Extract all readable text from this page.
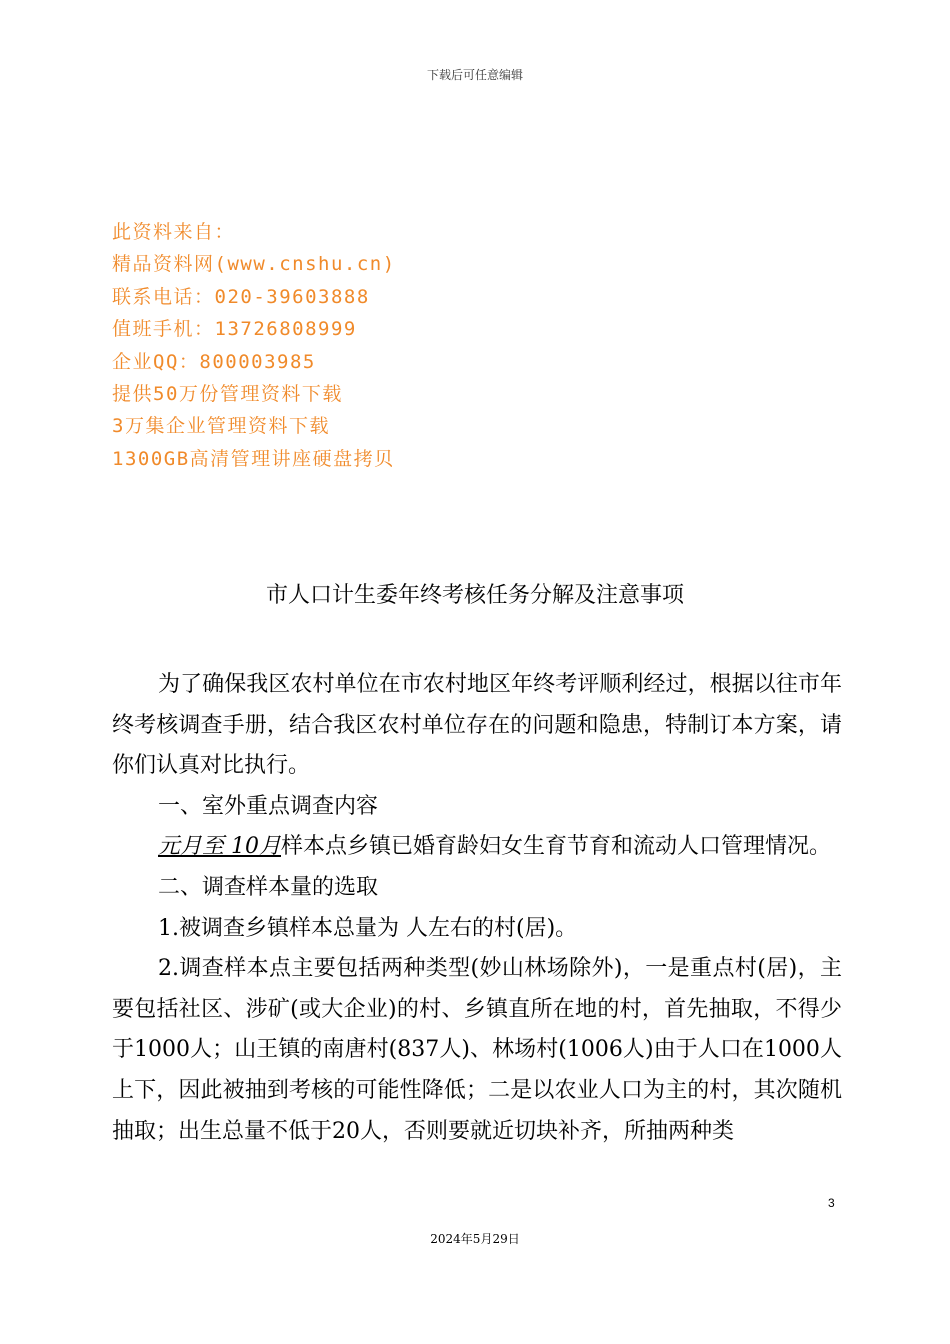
下载后可任意编辑
此资料来自：
精品资料网(www.cnshu.cn)
联系电话：020-39603888
值班手机：13726808999
企业QQ：800003985
提供50万份管理资料下载
3万集企业管理资料下载
1300GB高清管理讲座硬盘拷贝
市人口计生委年终考核任务分解及注意事项

为了确保我区农村单位在市农村地区年终考评顺利经过，根据以往市年终考核调查手册，结合我区农村单位存在的问题和隐患，特制订本方案，请你们认真对比执行。

一、室外重点调查内容

元月至 10月样本点乡镇已婚育龄妇女生育节育和流动人口管理情况。

二、调查样本量的选取

1.被调查乡镇样本总量为 人左右的村(居)。

2.调查样本点主要包括两种类型(妙山林场除外)，一是重点村(居)，主要包括社区、涉矿(或大企业)的村、乡镇直所在地的村，首先抽取，不得少于1000人；山王镇的南唐村(837人)、林场村(1006人)由于人口在1000人上下，因此被抽到考核的可能性降低；二是以农业人口为主的村，其次随机抽取；出生总量不低于20人，否则要就近切块补齐，所抽两种类

3
2024年5月29日
